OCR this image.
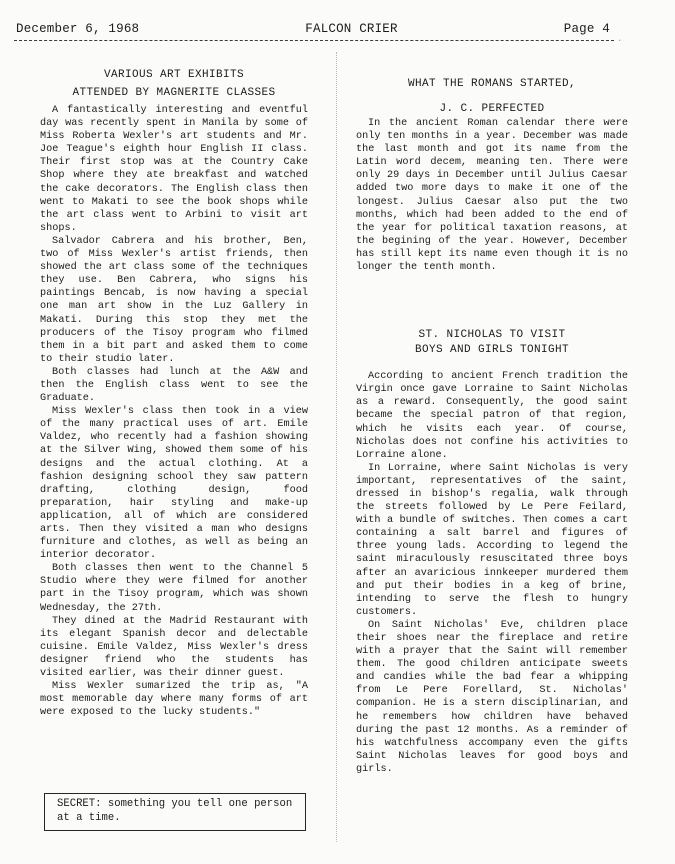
December 6, 1968	FALCON CRIER	Page 4
.

VARIOUS ART EXHIBITS

ATTENDED BY MAGNERITE CLASSES

A fantastically interesting and eventful day was recently spent in Manila by some of Miss Roberta Wexler's art students and Mr. Joe Teague's eighth hour English II class. Their first stop was at the Country Cake Shop where they ate breakfast and watched the cake decorators. The English class then went to Makati to see the book shops while the art class went to Arbini to visit art shops.

Salvador Cabrera and his brother, Ben, two of Miss Wexler's artist friends, then showed the art class some of the techniques they use. Ben Cabrera, who signs his paintings Bencab, is now having a special one man art show in the Luz Gallery in Makati. During this stop they met the producers of the Tisoy program who filmed them in a bit part and asked them to come to their studio later.

Both classes had lunch at the A&W and then the English class went to see the Graduate.

Miss Wexler's class then took in a view of the many practical uses of art. Emile Valdez, who recently had a fashion showing at the Silver Wing, showed them some of his designs and the actual clothing. At a fashion designing school they saw pattern drafting, clothing design, food preparation, hair styling and make-up application, all of which are considered arts. Then they visited a man who designs furniture and clothes, as well as being an interior decorator.

Both classes then went to the Channel 5 Studio where they were filmed for another part in the Tisoy program, which was shown Wednesday, the 27th.

They dined at the Madrid Restaurant with its elegant Spanish decor and delectable cuisine. Emile Valdez, Miss Wexler's dress designer friend who the students has visited earlier, was their dinner guest.

Miss Wexler sumarized the trip as, "A most memorable day where many forms of art were exposed to the lucky students."

SECRET: something you tell one person at a time.

WHAT THE ROMANS STARTED,

J. C. PERFECTED

In the ancient Roman calendar there were only ten months in a year. December was made the last month and got its name from the Latin word decem, meaning ten. There were only 29 days in December until Julius Caesar added two more days to make it one of the longest. Julius Caesar also put the two months, which had been added to the end of the year for political taxation reasons, at the begining of the year. However, December has still kept its name even though it is no longer the tenth month.

ST. NICHOLAS TO VISIT

BOYS AND GIRLS TONIGHT

According to ancient French tradition the Virgin once gave Lorraine to Saint Nicholas as a reward. Consequently, the good saint became the special patron of that region, which he visits each year. Of course, Nicholas does not confine his activities to Lorraine alone.

In Lorraine, where Saint Nicholas is very important, representatives of the saint, dressed in bishop's regalia, walk through the streets followed by Le Pere Feilard, with a bundle of switches. Then comes a cart containing a salt barrel and figures of three young lads. According to legend the saint miraculously resuscitated three boys after an avaricious innkeeper murdered them and put their bodies in a keg of brine, intending to serve the flesh to hungry customers.

On Saint Nicholas' Eve, children place their shoes near the fireplace and retire with a prayer that the Saint will remember them. The good children anticipate sweets and candies while the bad fear a whipping from Le Pere Forellard, St. Nicholas' companion. He is a stern disciplinarian, and he remembers how children have behaved during the past 12 months. As a reminder of his watchfulness accompany even the gifts Saint Nicholas leaves for good boys and girls.
